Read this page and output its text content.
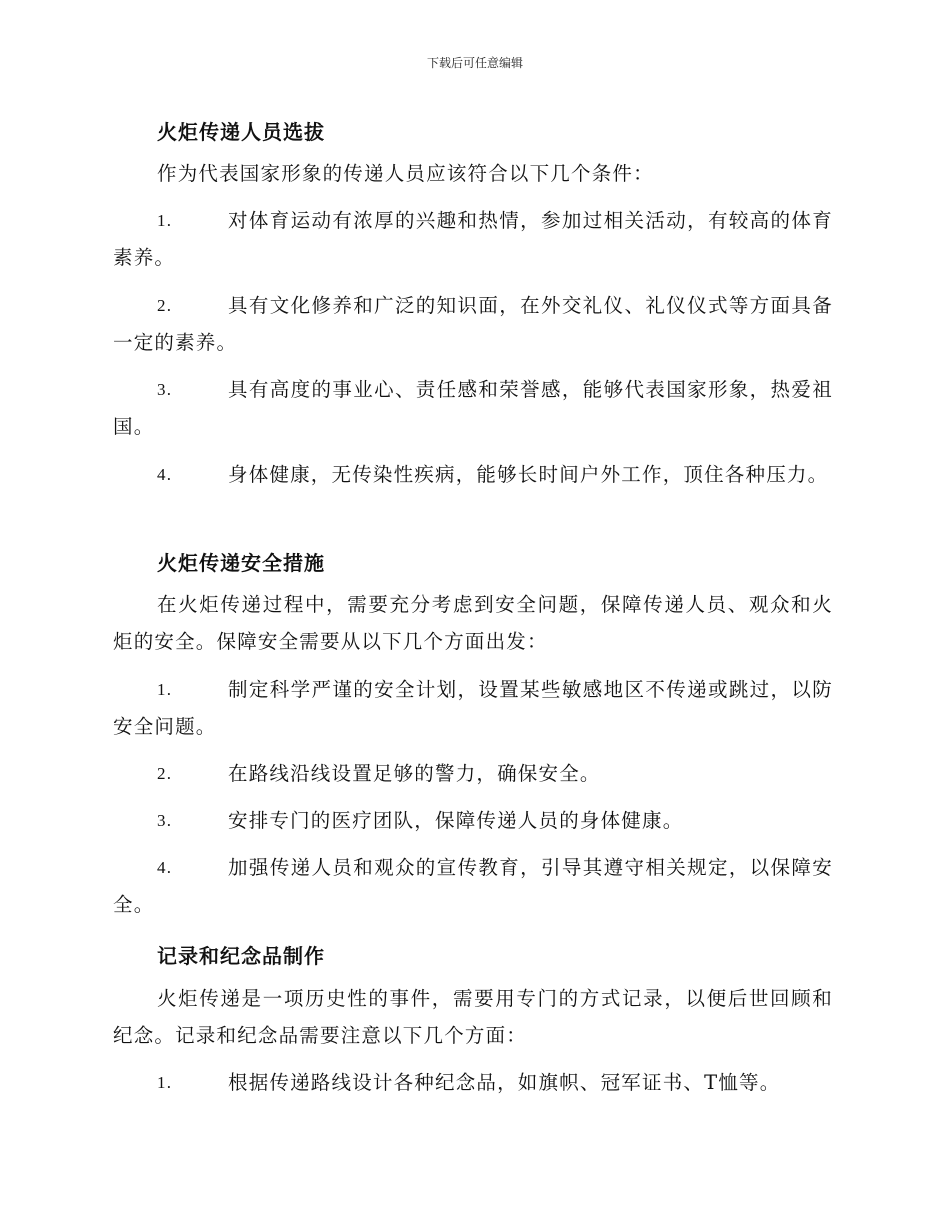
下载后可任意编辑
火炬传递人员选拔
作为代表国家形象的传递人员应该符合以下几个条件：
1.	对体育运动有浓厚的兴趣和热情，参加过相关活动，有较高的体育素养。
2.	具有文化修养和广泛的知识面，在外交礼仪、礼仪仪式等方面具备一定的素养。
3.	具有高度的事业心、责任感和荣誉感，能够代表国家形象，热爱祖国。
4.	身体健康，无传染性疾病，能够长时间户外工作，顶住各种压力。
火炬传递安全措施
在火炬传递过程中，需要充分考虑到安全问题，保障传递人员、观众和火炬的安全。保障安全需要从以下几个方面出发：
1.	制定科学严谨的安全计划，设置某些敏感地区不传递或跳过，以防安全问题。
2.	在路线沿线设置足够的警力，确保安全。
3.	安排专门的医疗团队，保障传递人员的身体健康。
4.	加强传递人员和观众的宣传教育，引导其遵守相关规定，以保障安全。
记录和纪念品制作
火炬传递是一项历史性的事件，需要用专门的方式记录，以便后世回顾和纪念。记录和纪念品需要注意以下几个方面：
1.	根据传递路线设计各种纪念品，如旗帜、冠军证书、T恤等。
